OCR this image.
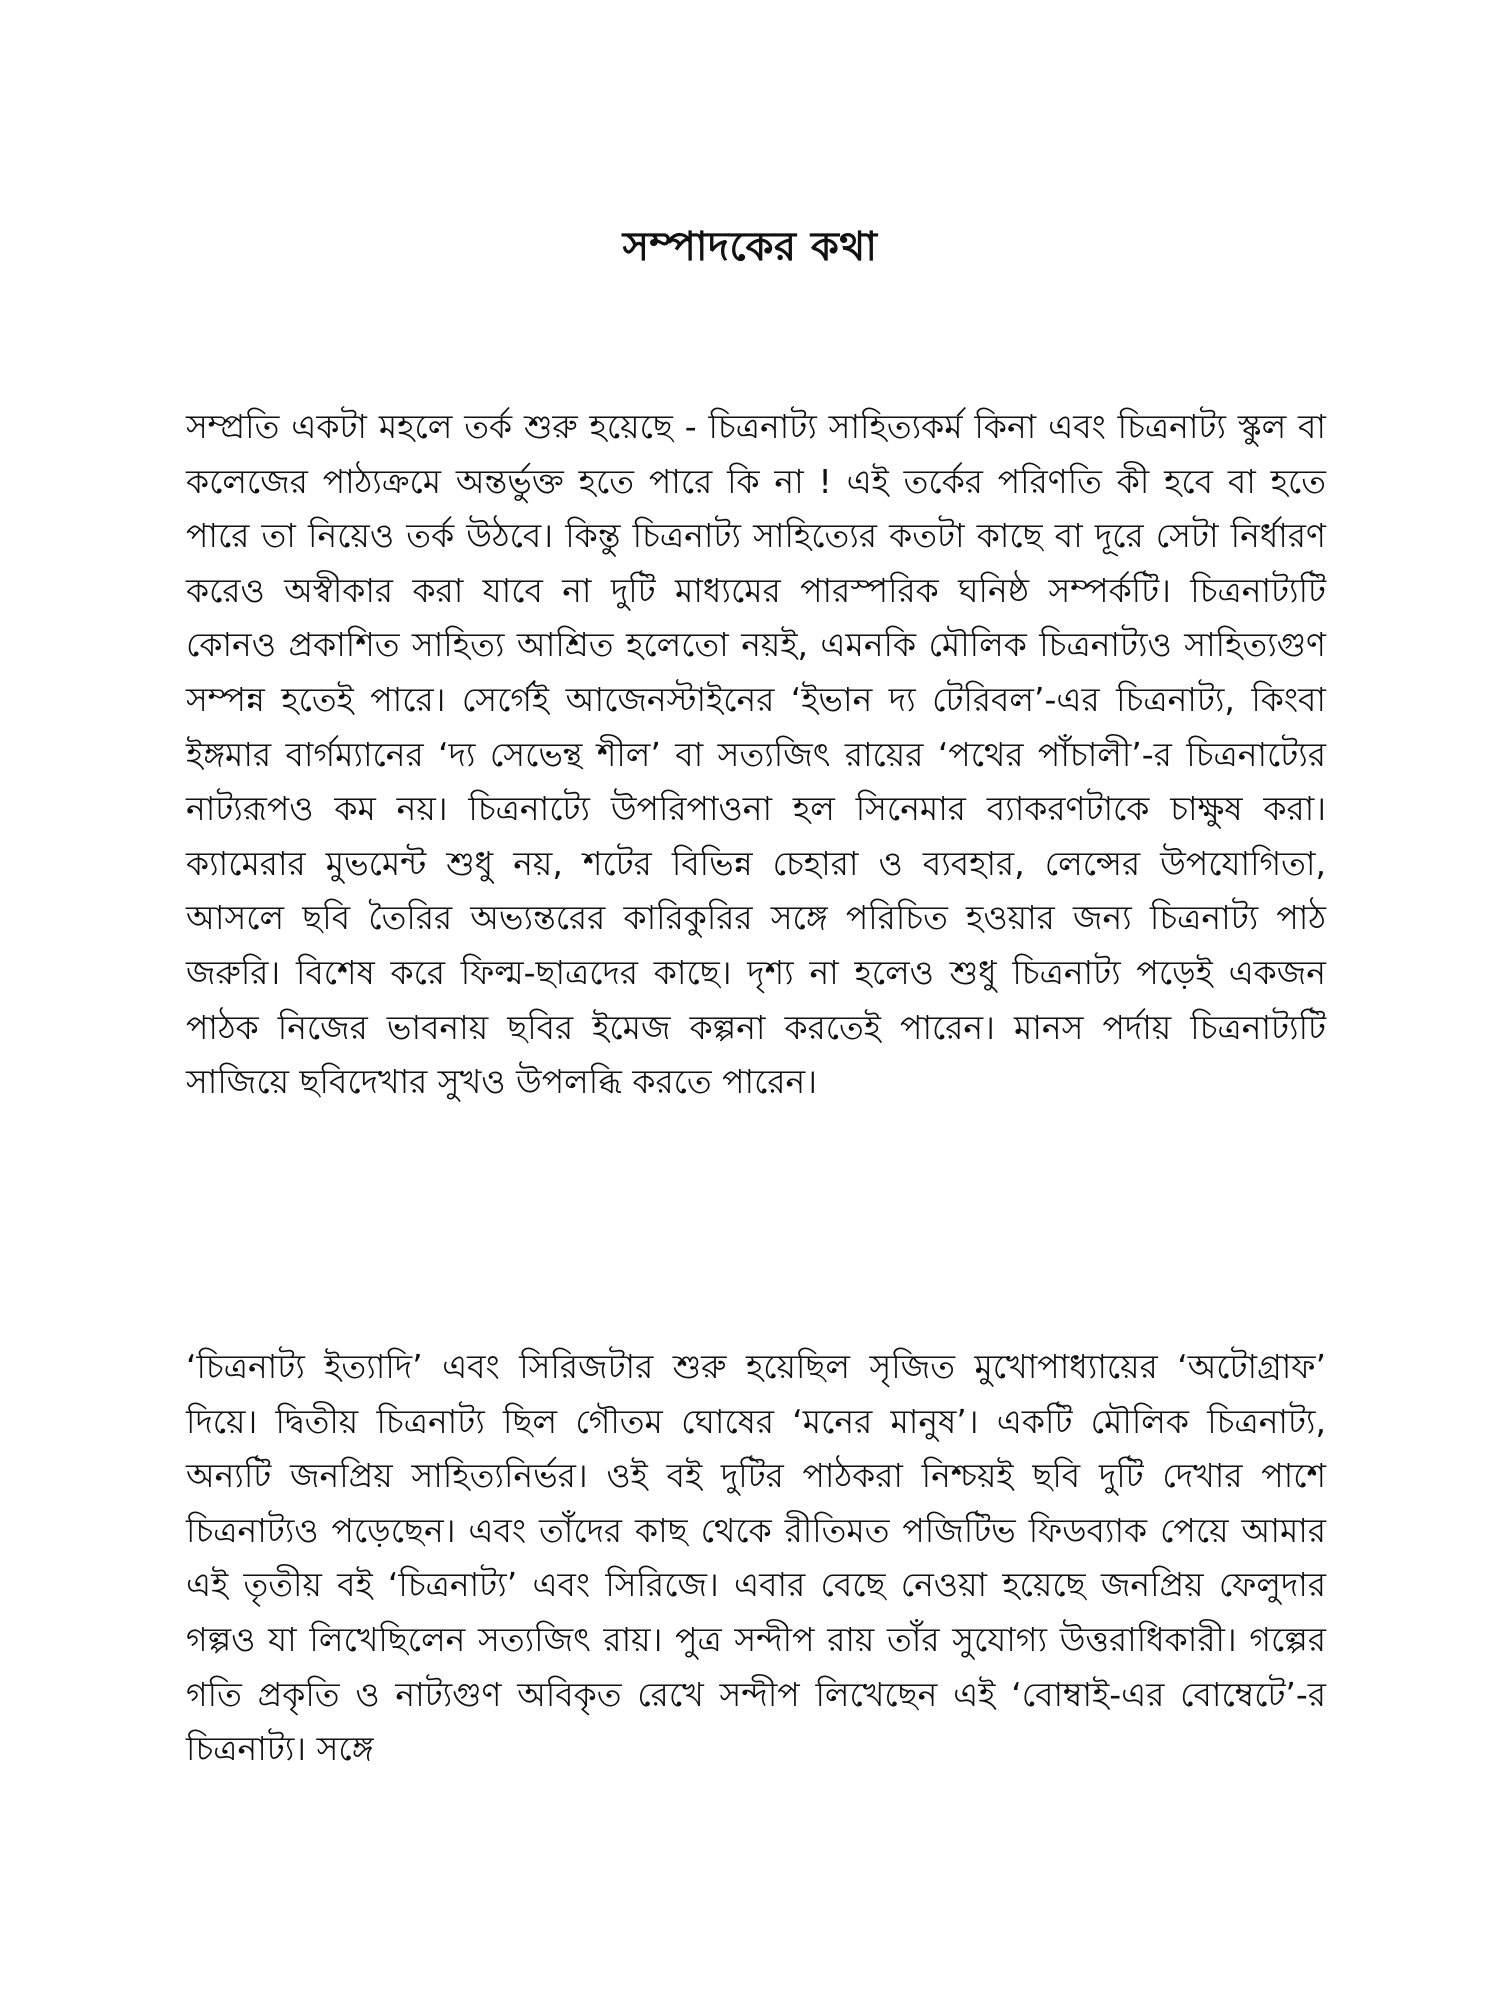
সম্পাদকের কথা

সম্প্রতি একটা মহলে তর্ক শুরু হয়েছে - চিত্রনাট্য সাহিত্যকর্ম কিনা এবং চিত্রনাট্য স্কুল বা কলেজের পাঠ্যক্রমে অন্তর্ভুক্ত হতে পারে কি না ! এই তর্কের পরিণতি কী হবে বা হতে পারে তা নিয়েও তর্ক উঠবে। কিন্তু চিত্রনাট্য সাহিত্যের কতটা কাছে বা দূরে সেটা নির্ধারণ করেও অস্বীকার করা যাবে না দুটি মাধ্যমের পারস্পরিক ঘনিষ্ঠ সম্পর্কটি। চিত্রনাট্যটি কোনও প্রকাশিত সাহিত্য আশ্রিত হলেতো নয়ই, এমনকি মৌলিক চিত্রনাট্যও সাহিত্যগুণ সম্পন্ন হতেই পারে। সের্গেই আজেনস্টাইনের ‘ইভান দ্য টেরিবল’-এর চিত্রনাট্য, কিংবা ইঙ্গমার বার্গম্যানের ‘দ্য সেভেন্থ শীল’ বা সত্যজিৎ রায়ের ‘পথের পাঁচালী’-র চিত্রনাট্যের নাট্যরূপও কম নয়। চিত্রনাট্যে উপরিপাওনা হল সিনেমার ব্যাকরণটাকে চাক্ষুষ করা। ক্যামেরার মুভমেন্ট শুধু নয়, শটের বিভিন্ন চেহারা ও ব্যবহার, লেন্সের উপযোগিতা, আসলে ছবি তৈরির অভ্যন্তরের কারিকুরির সঙ্গে পরিচিত হওয়ার জন্য চিত্রনাট্য পাঠ জরুরি। বিশেষ করে ফিল্ম-ছাত্রদের কাছে। দৃশ্য না হলেও শুধু চিত্রনাট্য পড়েই একজন পাঠক নিজের ভাবনায় ছবির ইমেজ কল্পনা করতেই পারেন। মানস পর্দায় চিত্রনাট্যটি সাজিয়ে ছবিদেখার সুখও উপলব্ধি করতে পারেন।

‘চিত্রনাট্য ইত্যাদি’ এবং সিরিজটার শুরু হয়েছিল সৃজিত মুখোপাধ্যায়ের ‘অটোগ্রাফ’ দিয়ে। দ্বিতীয় চিত্রনাট্য ছিল গৌতম ঘোষের ‘মনের মানুষ’। একটি মৌলিক চিত্রনাট্য, অন্যটি জনপ্রিয় সাহিত্যনির্ভর। ওই বই দুটির পাঠকরা নিশ্চয়ই ছবি দুটি দেখার পাশে চিত্রনাট্যও পড়েছেন। এবং তাঁদের কাছ থেকে রীতিমত পজিটিভ ফিডব্যাক পেয়ে আমার এই তৃতীয় বই ‘চিত্রনাট্য’ এবং সিরিজে। এবার বেছে নেওয়া হয়েছে জনপ্রিয় ফেলুদার গল্পও যা লিখেছিলেন সত্যজিৎ রায়। পুত্র সন্দীপ রায় তাঁর সুযোগ্য উত্তরাধিকারী। গল্পের গতি প্রকৃতি ও নাট্যগুণ অবিকৃত রেখে সন্দীপ লিখেছেন এই ‘বোম্বাই-এর বোম্বেটে’-র চিত্রনাট্য। সঙ্গে
